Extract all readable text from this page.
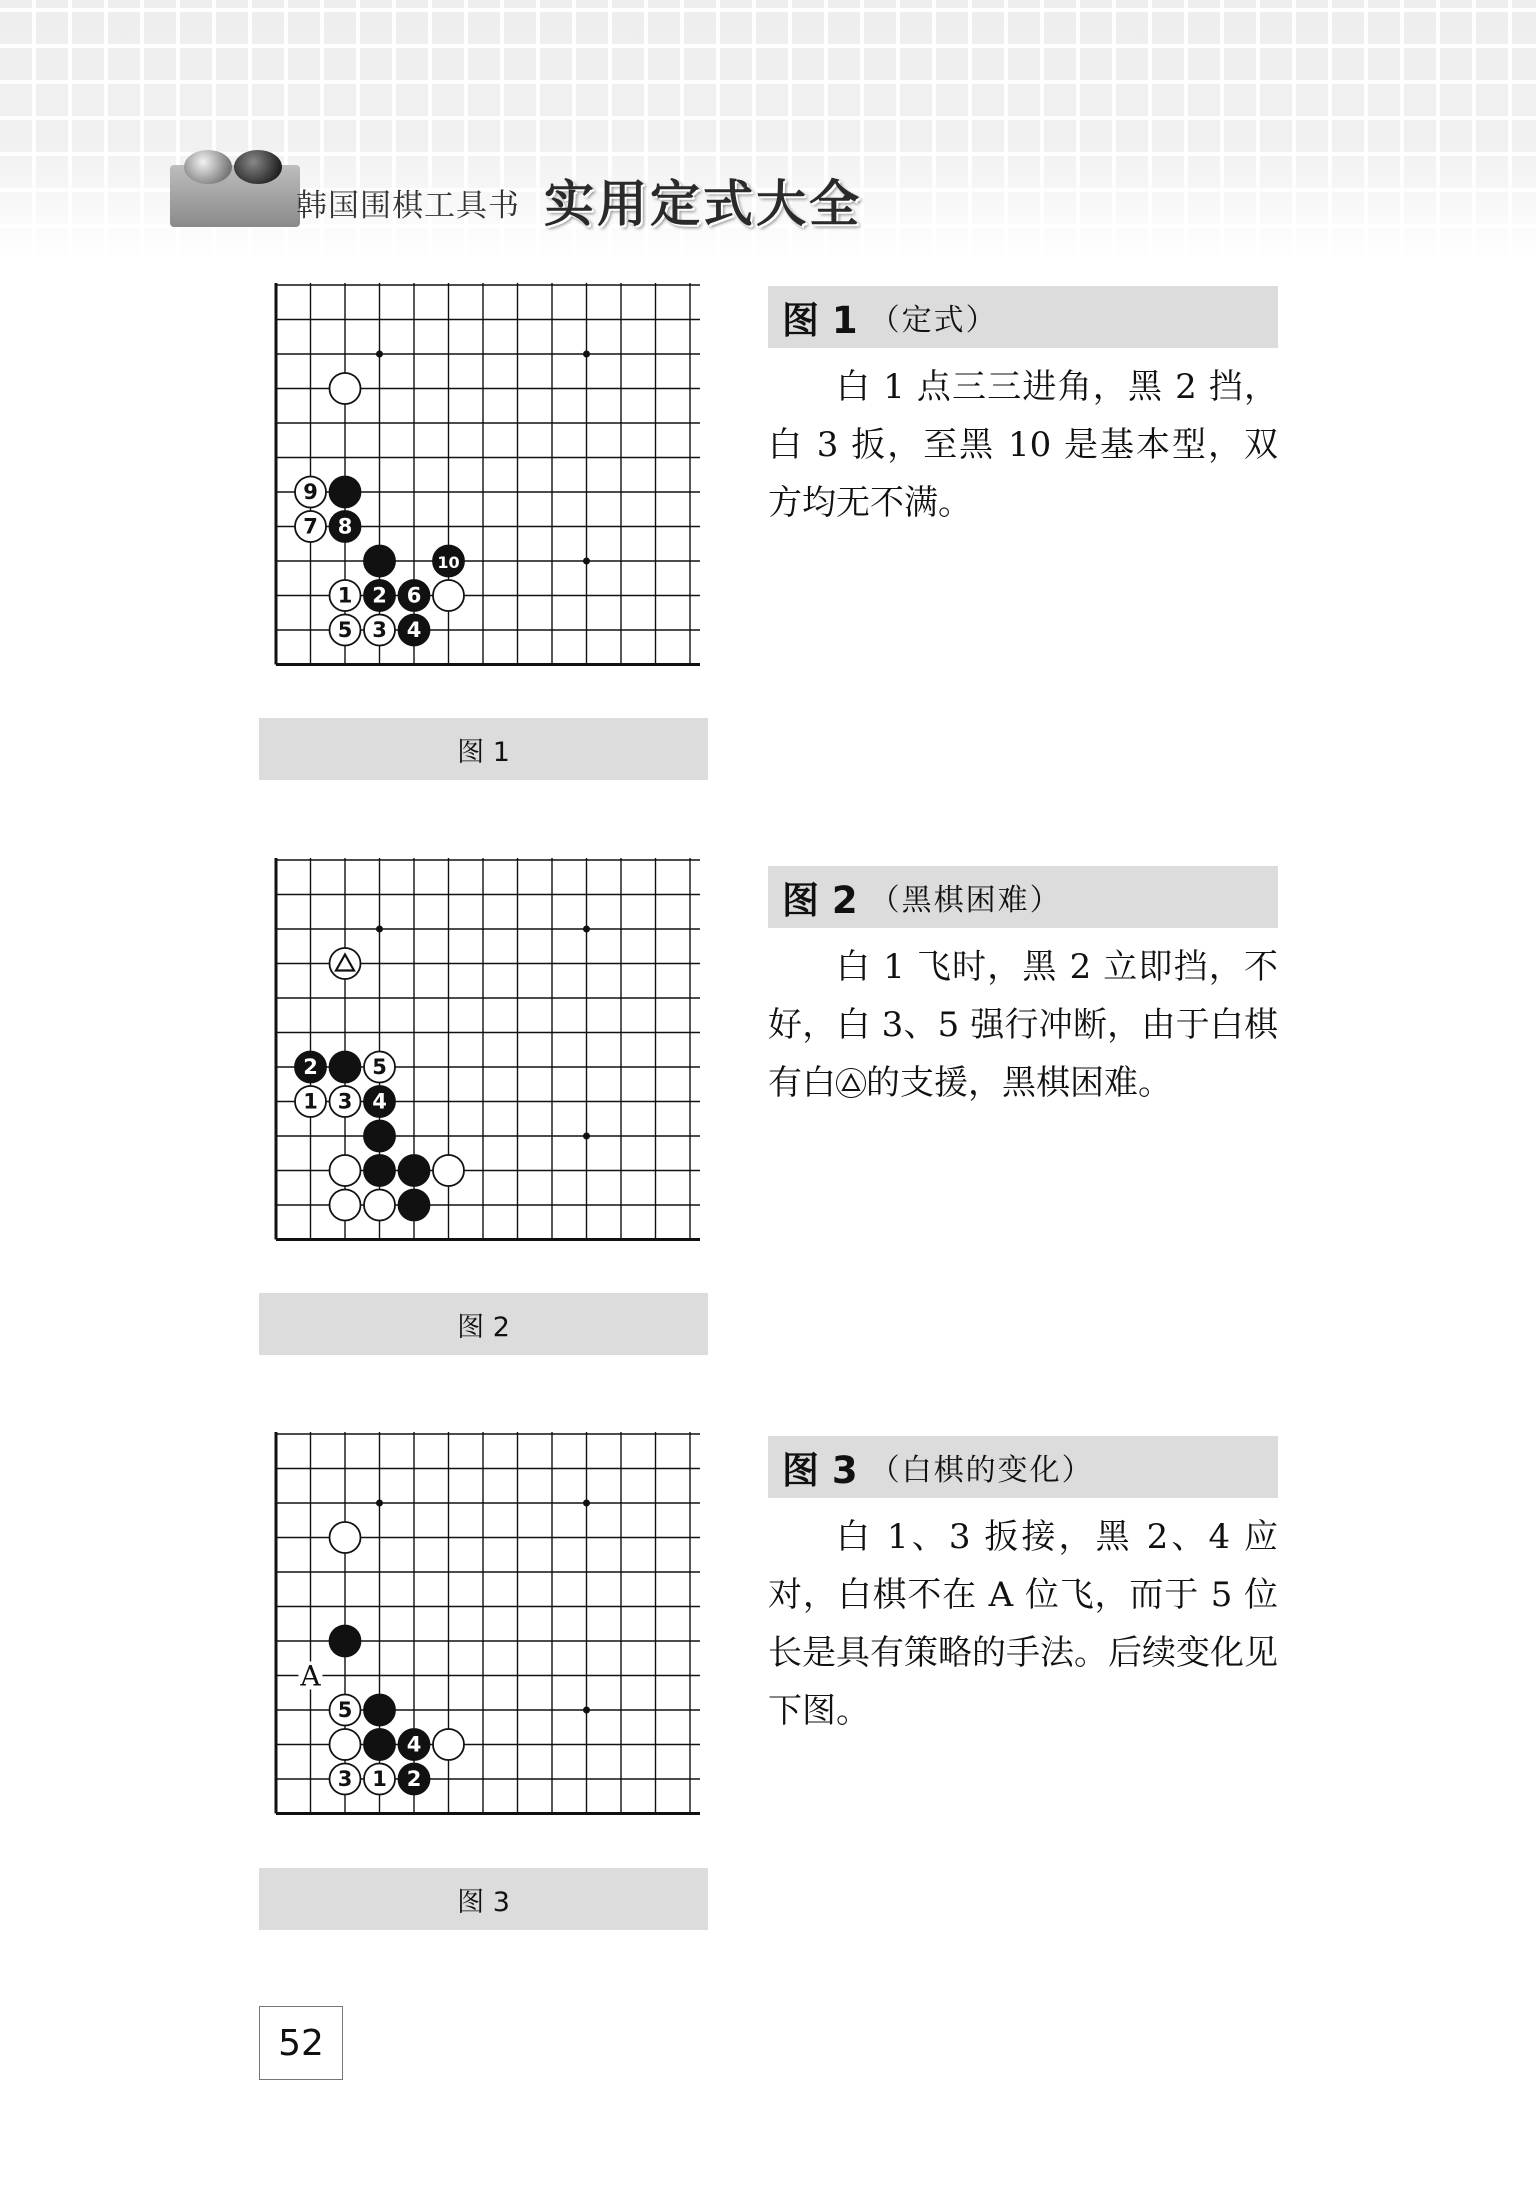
韩国围棋工具书 实用定式大全
9
7 8
10
1 2 6
5 3 4
图 1
图 1 （定式）
白 1 点三三进角，黑 2 挡，白 3 扳，至黑 10 是基本型，双方均无不满。
2	5
1 3 4
图 2
图 2 （黑棋困难）
白 1 飞时，黑 2 立即挡，不好，白 3、5 强行冲断，由于白棋有白 的支援，黑棋困难。
5
4
3 1 2
A
图 3
图 3 （白棋的变化）
白 1、3 扳接，黑 2、4 应对，白棋不在 A 位飞，而于 5 位长是具有策略的手法。后续变化见下图。
52
